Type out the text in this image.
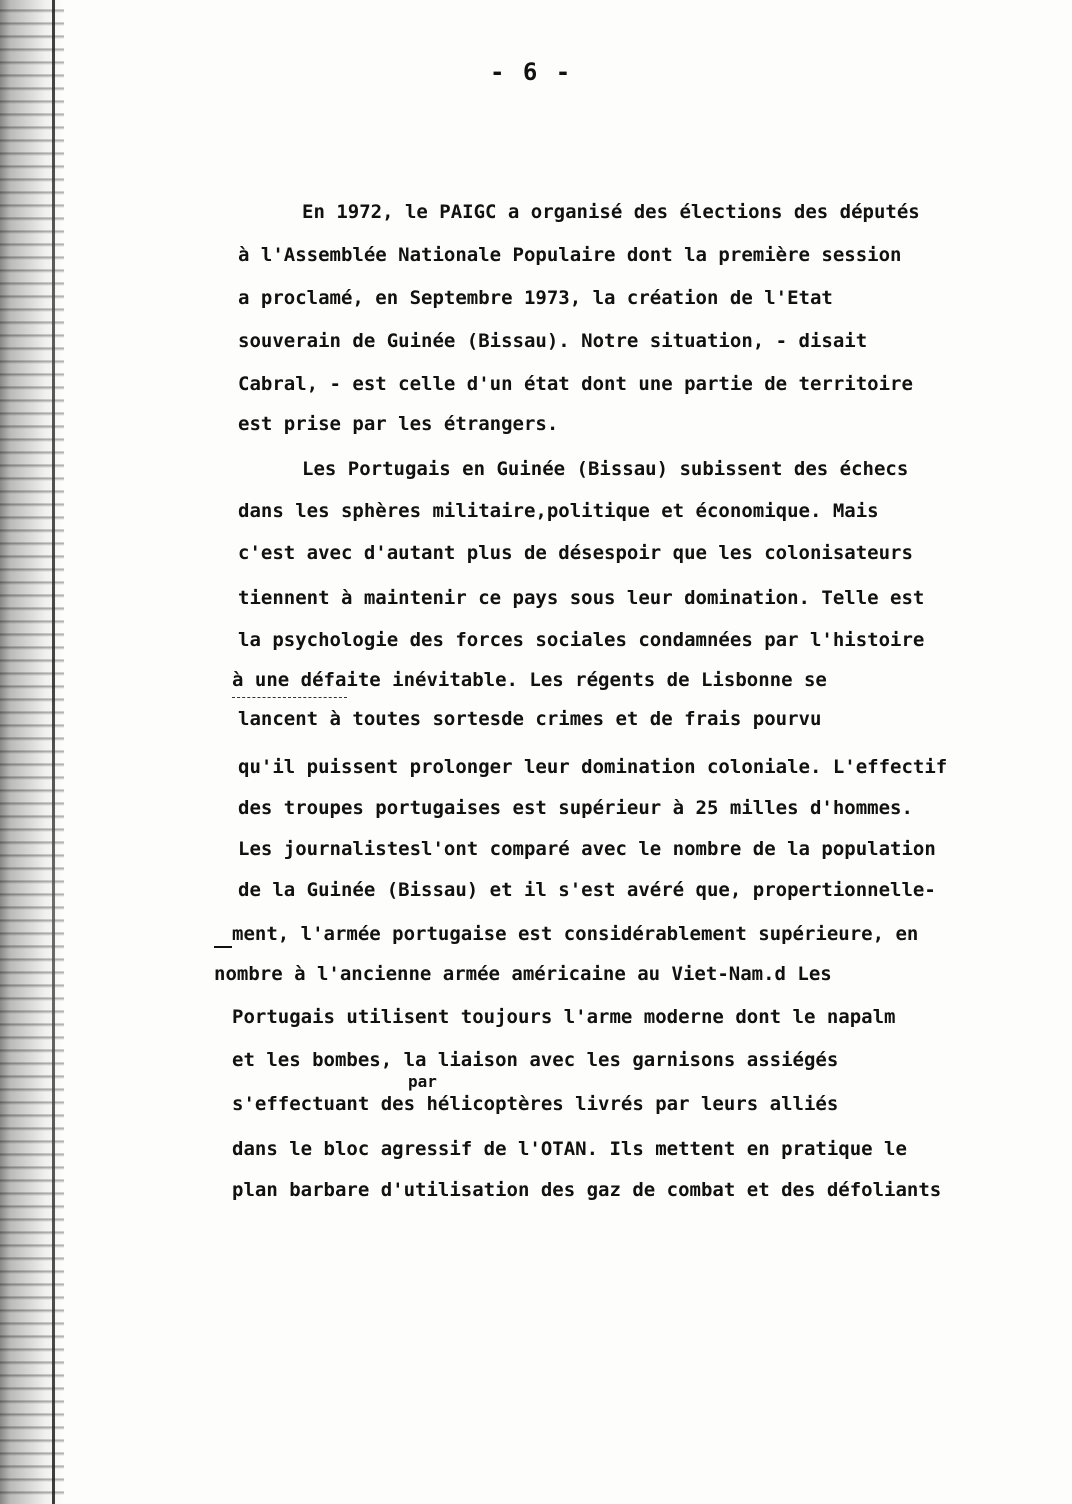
- 6 -
En 1972, le PAIGC a organisé des élections des députés
à l'Assemblée Nationale Populaire dont la première session
a proclamé, en Septembre 1973, la création de l'Etat
souverain de Guinée (Bissau). Notre situation, - disait
Cabral, - est celle d'un état dont une partie de territoire
est prise par les étrangers.
Les Portugais en Guinée (Bissau) subissent des échecs
dans les sphères militaire,politique et économique. Mais
c'est avec d'autant plus de désespoir que les colonisateurs
tiennent à maintenir ce pays sous leur domination. Telle est
la psychologie des forces sociales condamnées par l'histoire
à une défaite inévitable. Les régents de Lisbonne se
lancent à toutes sortesde crimes et de frais pourvu
qu'il puissent prolonger leur domination coloniale. L'effectif
des troupes portugaises est supérieur à 25 milles d'hommes.
Les journalistesl'ont comparé avec le nombre de la population
de la Guinée (Bissau) et il s'est avéré que, propertionnelle-
ment, l'armée portugaise est considérablement supérieure, en
nombre à l'ancienne armée américaine au Viet-Nam.d Les
Portugais utilisent toujours l'arme moderne dont le napalm
et les bombes, la liaison avec les garnisons assiégés
par
s'effectuant des hélicoptères livrés par leurs alliés
dans le bloc agressif de l'OTAN. Ils mettent en pratique le
plan barbare d'utilisation des gaz de combat et des défoliants
